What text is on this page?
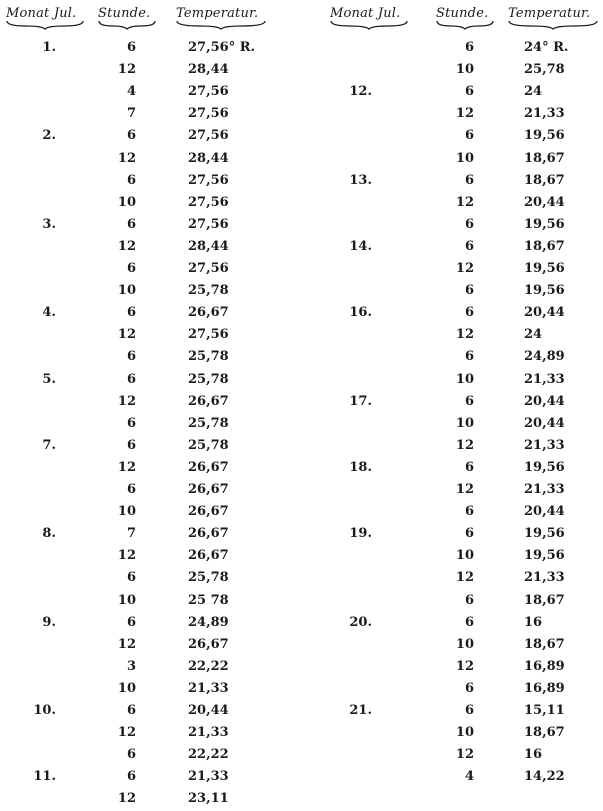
Monat Jul.	Stunde.	Temperatur.
1.	6	27,56° R.
12	28,44
4	27,56
7	27,56
2.	6	27,56
12	28,44
6	27,56
10	27,56
3.	6	27,56
12	28,44
6	27,56
10	25,78
4.	6	26,67
12	27,56
6	25,78
5.	6	25,78
12	26,67
6	25,78
7.	6	25,78
12	26,67
6	26,67
10	26,67
8.	7	26,67
12	26,67
6	25,78
10	25 78
9.	6	24,89
12	26,67
3	22,22
10	21,33
10.	6	20,44
12	21,33
6	22,22
11.	6	21,33
12	23,11
Monat Jul.	Stunde.	Temperatur.
6	24° R.
10	25,78
12.	6	24
12	21,33
6	19,56
10	18,67
13.	6	18,67
12	20,44
6	19,56
14.	6	18,67
12	19,56
6	19,56
16.	6	20,44
12	24
6	24,89
10	21,33
17.	6	20,44
10	20,44
12	21,33
18.	6	19,56
12	21,33
6	20,44
19.	6	19,56
10	19,56
12	21,33
6	18,67
20.	6	16
10	18,67
12	16,89
6	16,89
21.	6	15,11
10	18,67
12	16
4	14,22
